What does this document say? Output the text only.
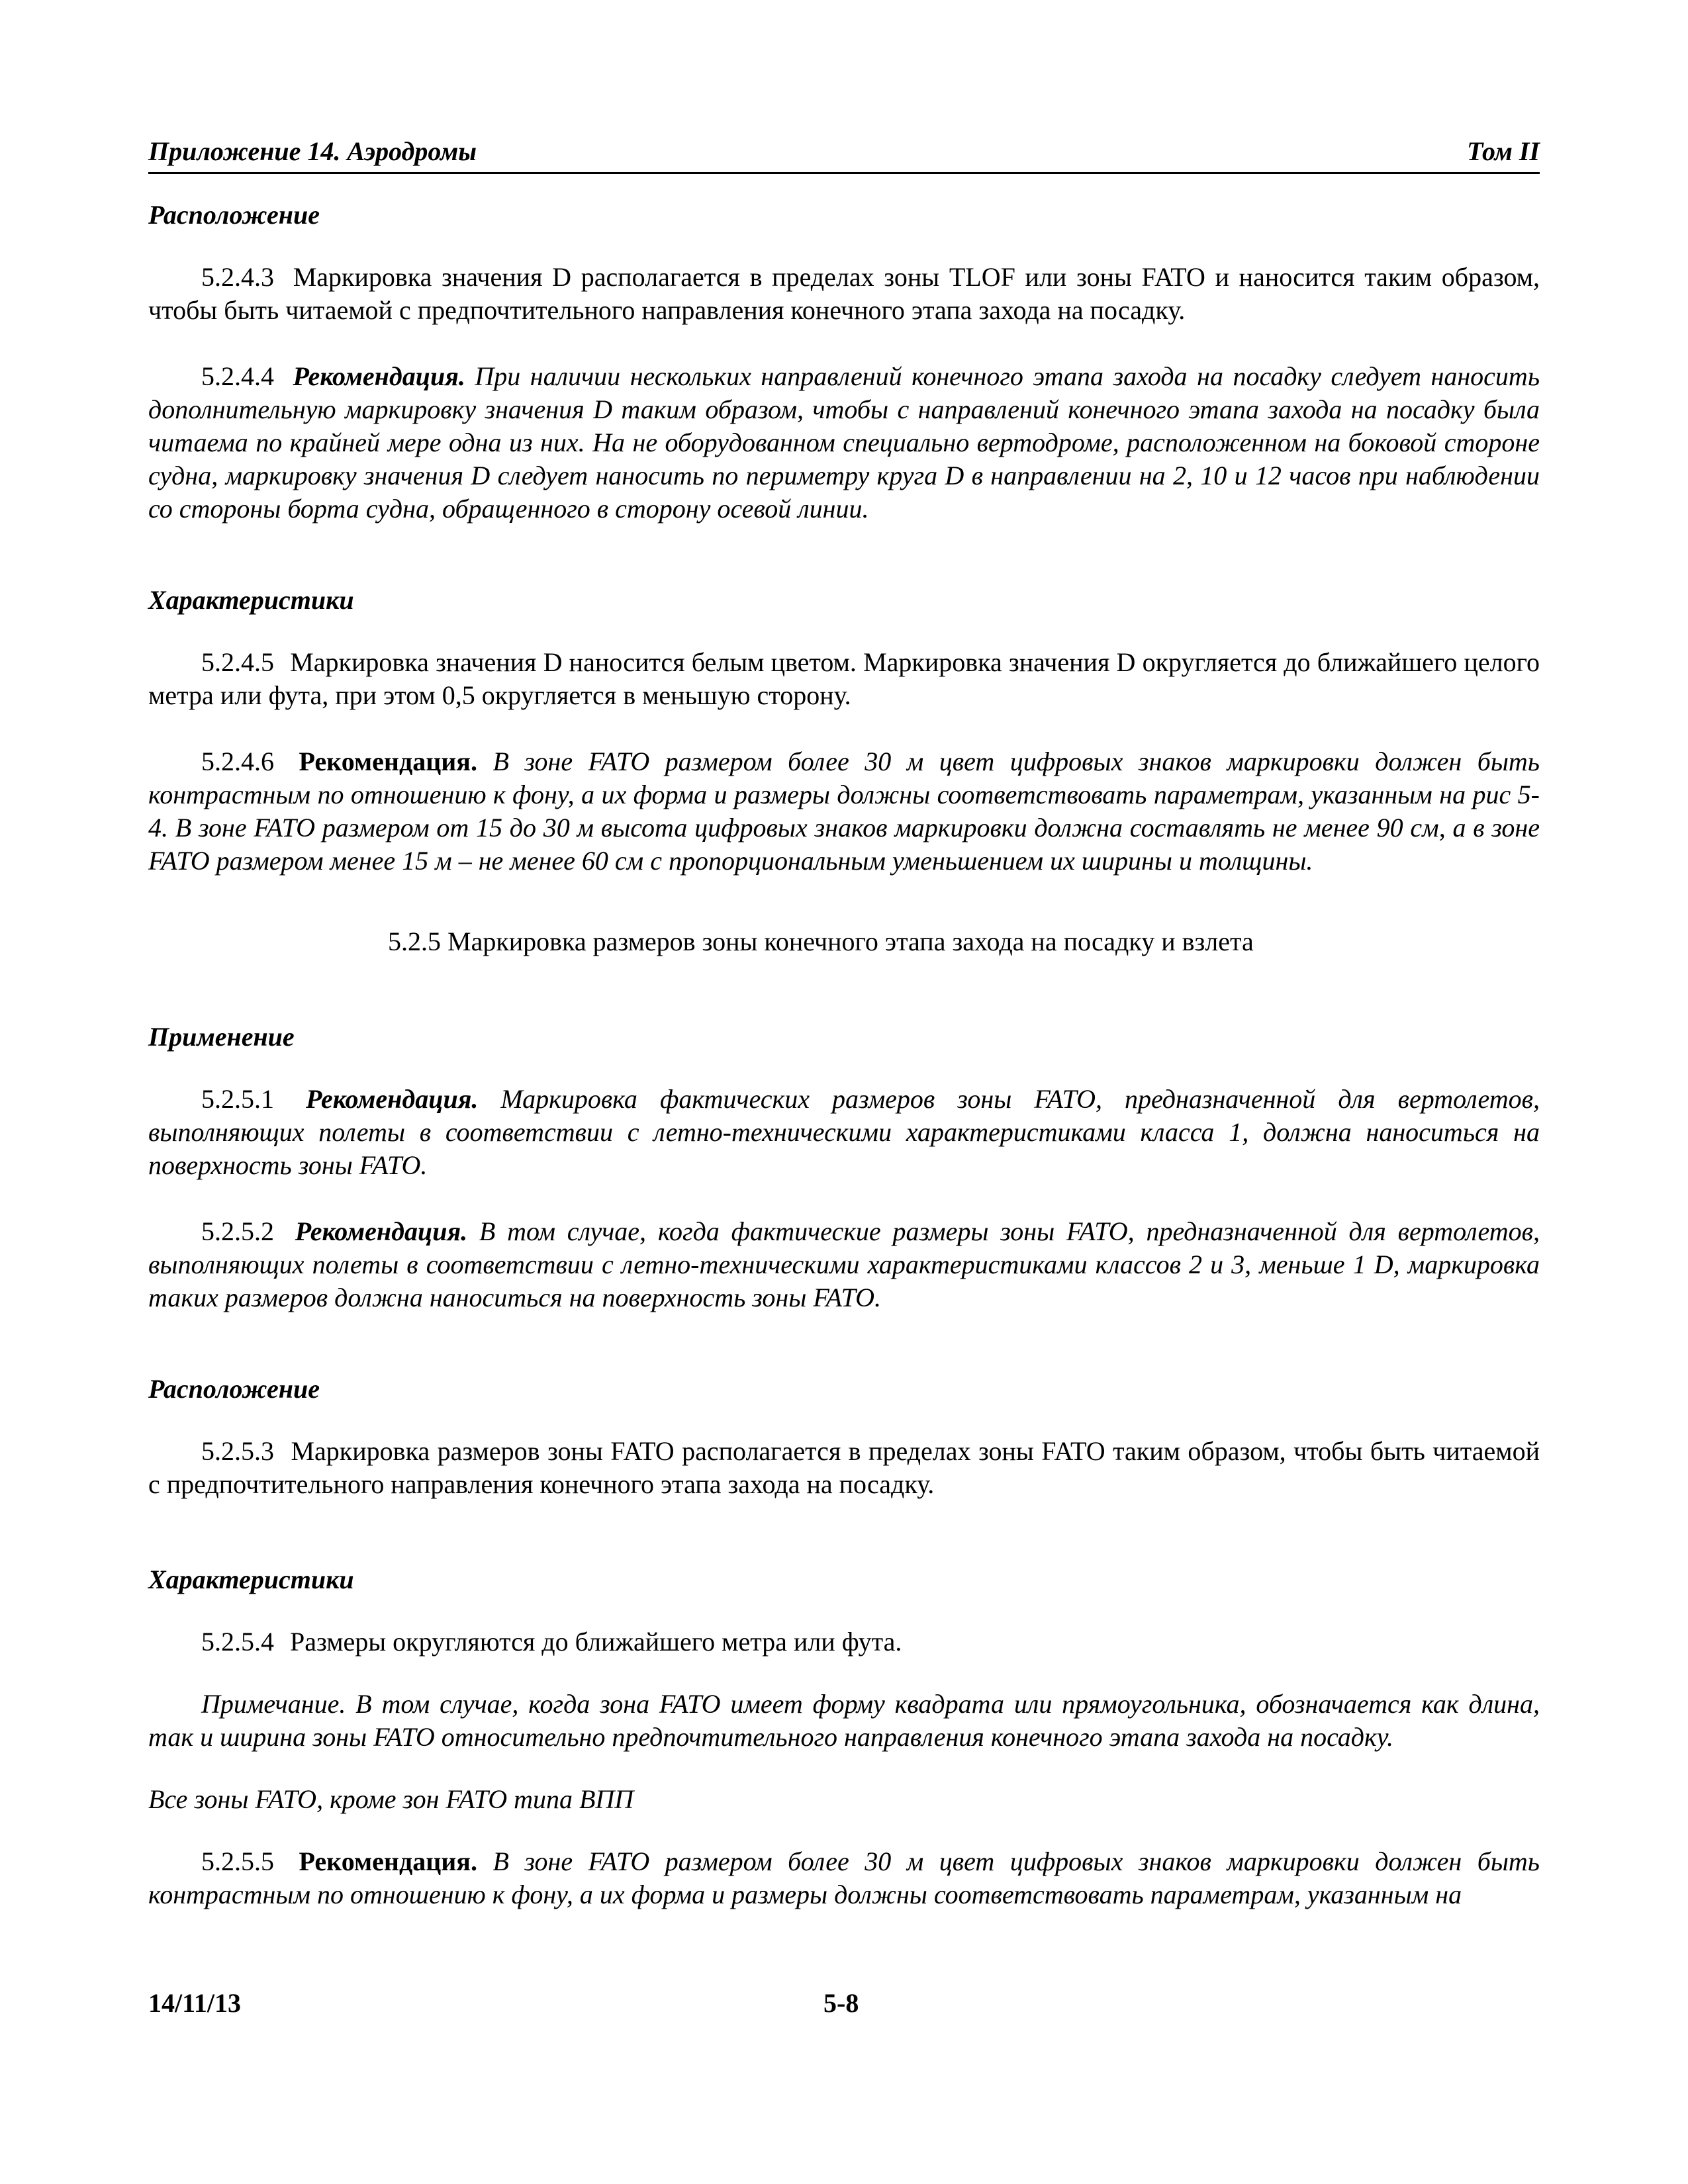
Приложение 14. Аэродромы	Том II

Расположение

5.2.4.3 Маркировка значения D располагается в пределах зоны TLOF или зоны FATO и наносится таким образом, чтобы быть читаемой с предпочтительного направления конечного этапа захода на посадку.

5.2.4.4 Рекомендация. При наличии нескольких направлений конечного этапа захода на посадку следует наносить дополнительную маркировку значения D таким образом, чтобы с направлений конечного этапа захода на посадку была читаема по крайней мере одна из них. На не оборудованном специально вертодроме, расположенном на боковой стороне судна, маркировку значения D следует наносить по периметру круга D в направлении на 2, 10 и 12 часов при наблюдении со стороны борта судна, обращенного в сторону осевой линии.

Характеристики

5.2.4.5 Маркировка значения D наносится белым цветом. Маркировка значения D округляется до ближайшего целого метра или фута, при этом 0,5 округляется в меньшую сторону.

5.2.4.6 Рекомендация. В зоне FATO размером более 30 м цвет цифровых знаков маркировки должен быть контрастным по отношению к фону, а их форма и размеры должны соответствовать параметрам, указанным на рис 5-4. В зоне FATO размером от 15 до 30 м высота цифровых знаков маркировки должна составлять не менее 90 см, а в зоне FATO размером менее 15 м – не менее 60 см с пропорциональным уменьшением их ширины и толщины.

5.2.5 Маркировка размеров зоны конечного этапа захода на посадку и взлета

Применение

5.2.5.1 Рекомендация. Маркировка фактических размеров зоны FATO, предназначенной для вертолетов, выполняющих полеты в соответствии с летно-техническими характеристиками класса 1, должна наноситься на поверхность зоны FATO.

5.2.5.2 Рекомендация. В том случае, когда фактические размеры зоны FATO, предназначенной для вертолетов, выполняющих полеты в соответствии с летно-техническими характеристиками классов 2 и 3, меньше 1 D, маркировка таких размеров должна наноситься на поверхность зоны FATO.

Расположение

5.2.5.3 Маркировка размеров зоны FATO располагается в пределах зоны FATO таким образом, чтобы быть читаемой с предпочтительного направления конечного этапа захода на посадку.

Характеристики

5.2.5.4 Размеры округляются до ближайшего метра или фута.

Примечание. В том случае, когда зона FATO имеет форму квадрата или прямоугольника, обозначается как длина, так и ширина зоны FATO относительно предпочтительного направления конечного этапа захода на посадку.

Все зоны FATO, кроме зон FATO типа ВПП

5.2.5.5 Рекомендация. В зоне FATO размером более 30 м цвет цифровых знаков маркировки должен быть контрастным по отношению к фону, а их форма и размеры должны соответствовать параметрам, указанным на

14/11/13	5-8
